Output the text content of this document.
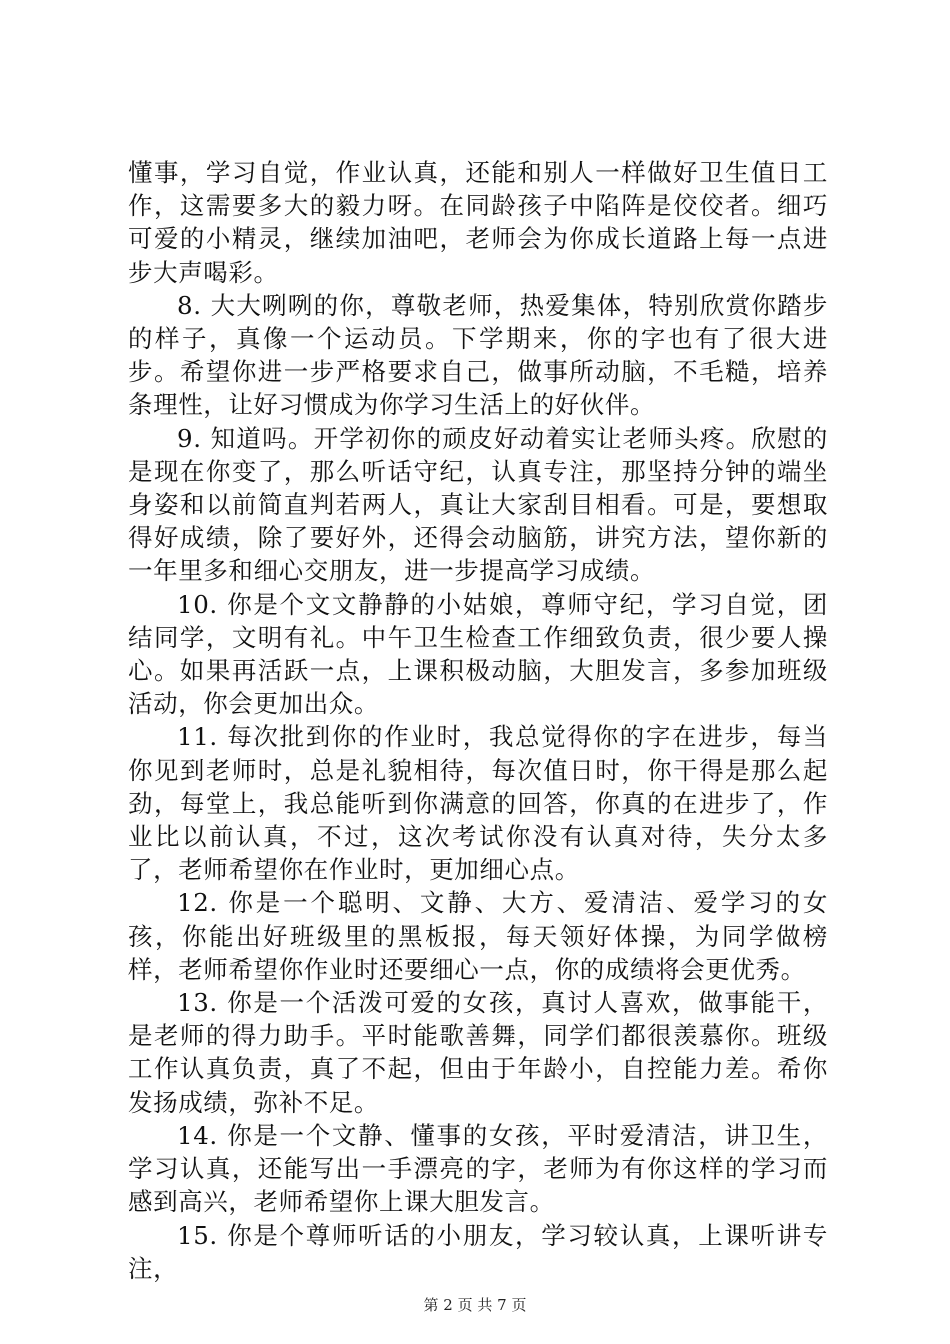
懂事，学习自觉，作业认真，还能和别人一样做好卫生值日工作，这需要多大的毅力呀。在同龄孩子中陷阵是佼佼者。细巧可爱的小精灵，继续加油吧，老师会为你成长道路上每一点进步大声喝彩。

8. 大大咧咧的你，尊敬老师，热爱集体，特别欣赏你踏步的样子，真像一个运动员。下学期来，你的字也有了很大进步。希望你进一步严格要求自己，做事所动脑，不毛糙，培养条理性，让好习惯成为你学习生活上的好伙伴。

9. 知道吗。开学初你的顽皮好动着实让老师头疼。欣慰的是现在你变了，那么听话守纪，认真专注，那坚持分钟的端坐身姿和以前简直判若两人，真让大家刮目相看。可是，要想取得好成绩，除了要好外，还得会动脑筋，讲究方法，望你新的一年里多和细心交朋友，进一步提高学习成绩。

10. 你是个文文静静的小姑娘，尊师守纪，学习自觉，团结同学，文明有礼。中午卫生检查工作细致负责，很少要人操心。如果再活跃一点，上课积极动脑，大胆发言，多参加班级活动，你会更加出众。

11. 每次批到你的作业时，我总觉得你的字在进步，每当你见到老师时，总是礼貌相待，每次值日时，你干得是那么起劲，每堂上，我总能听到你满意的回答，你真的在进步了，作业比以前认真，不过，这次考试你没有认真对待，失分太多了，老师希望你在作业时，更加细心点。

12. 你是一个聪明、文静、大方、爱清洁、爱学习的女孩，你能出好班级里的黑板报，每天领好体操，为同学做榜样，老师希望你作业时还要细心一点，你的成绩将会更优秀。

13. 你是一个活泼可爱的女孩，真讨人喜欢，做事能干，是老师的得力助手。平时能歌善舞，同学们都很羡慕你。班级工作认真负责，真了不起，但由于年龄小，自控能力差。希你发扬成绩，弥补不足。

14. 你是一个文静、懂事的女孩，平时爱清洁，讲卫生，学习认真，还能写出一手漂亮的字，老师为有你这样的学习而感到高兴，老师希望你上课大胆发言。

15. 你是个尊师听话的小朋友，学习较认真，上课听讲专注，

第 2 页 共 7 页
